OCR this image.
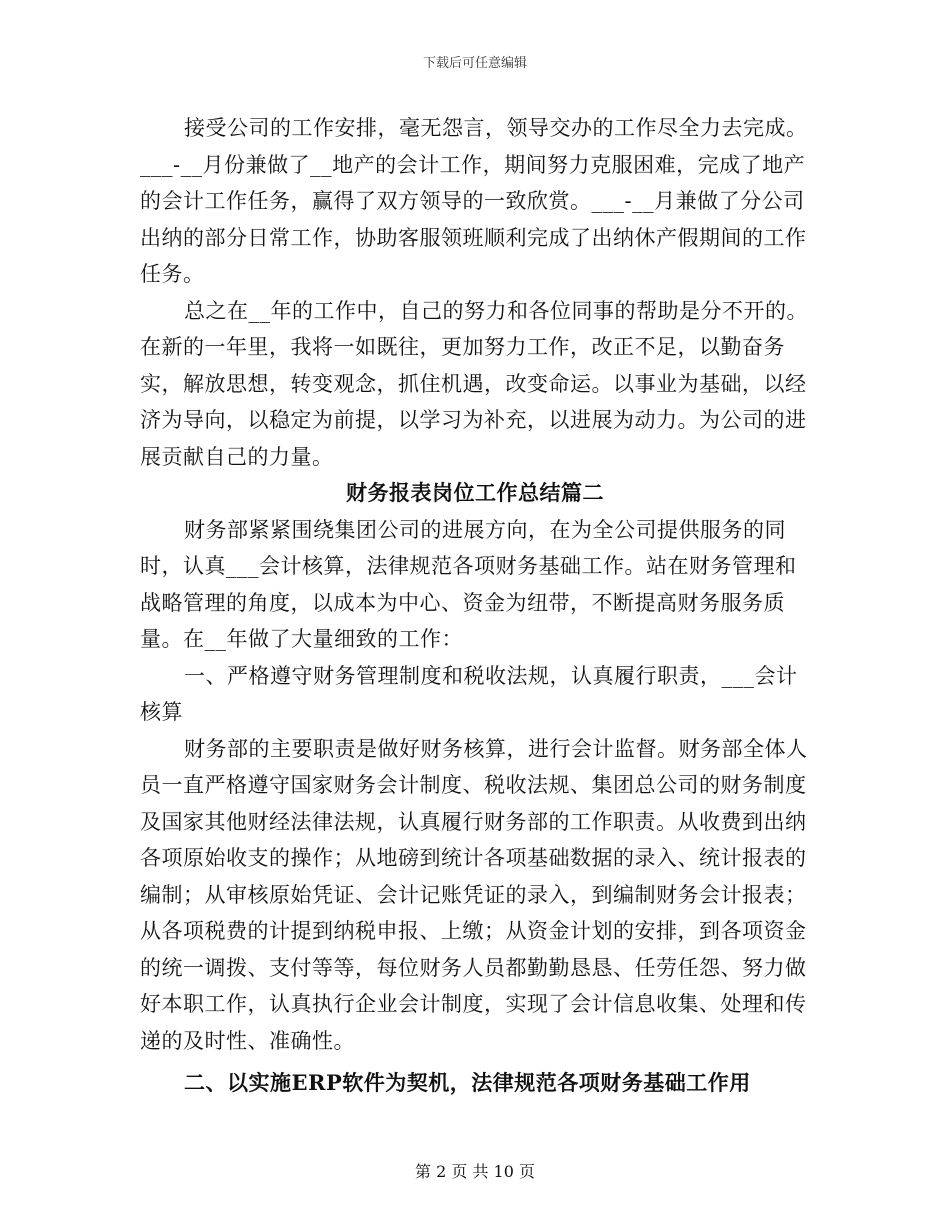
下载后可任意编辑

接受公司的工作安排，毫无怨言，领导交办的工作尽全力去完成。___-__月份兼做了__地产的会计工作，期间努力克服困难，完成了地产的会计工作任务，赢得了双方领导的一致欣赏。___-__月兼做了分公司出纳的部分日常工作，协助客服领班顺利完成了出纳休产假期间的工作任务。

总之在__年的工作中，自己的努力和各位同事的帮助是分不开的。在新的一年里，我将一如既往，更加努力工作，改正不足，以勤奋务实，解放思想，转变观念，抓住机遇，改变命运。以事业为基础，以经济为导向，以稳定为前提，以学习为补充，以进展为动力。为公司的进展贡献自己的力量。

财务报表岗位工作总结篇二

财务部紧紧围绕集团公司的进展方向，在为全公司提供服务的同时，认真___会计核算，法律规范各项财务基础工作。站在财务管理和战略管理的角度，以成本为中心、资金为纽带，不断提高财务服务质量。在__年做了大量细致的工作：

一、严格遵守财务管理制度和税收法规，认真履行职责，___会计核算

财务部的主要职责是做好财务核算，进行会计监督。财务部全体人员一直严格遵守国家财务会计制度、税收法规、集团总公司的财务制度及国家其他财经法律法规，认真履行财务部的工作职责。从收费到出纳各项原始收支的操作；从地磅到统计各项基础数据的录入、统计报表的编制；从审核原始凭证、会计记账凭证的录入，到编制财务会计报表；从各项税费的计提到纳税申报、上缴；从资金计划的安排，到各项资金的统一调拨、支付等等，每位财务人员都勤勤恳恳、任劳任怨、努力做好本职工作，认真执行企业会计制度，实现了会计信息收集、处理和传递的及时性、准确性。

二、以实施ERP软件为契机，法律规范各项财务基础工作用

第 2 页 共 10 页
